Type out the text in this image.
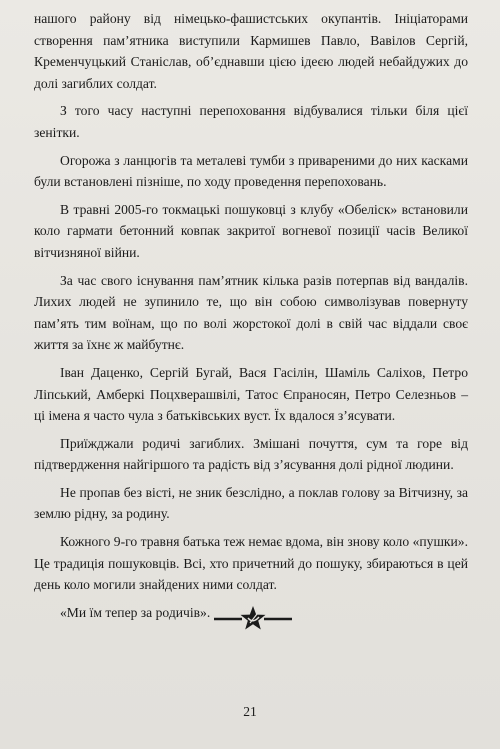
нашого району від німецько-фашистських окупантів. Ініціаторами створення пам’ятника виступили Кармишев Павло, Вавілов Сергій, Кременчуцький Станіслав, об’єднавши цією ідеєю людей небайдужих до долі загиблих солдат.

З того часу наступні перепоховання відбувалися тільки біля цієї зенітки.

Огорожа з ланцюгів та металеві тумби з привареними до них касками були встановлені пізніше, по ходу проведення перепоховань.

В травні 2005-го токмацькі пошуковці з клубу «Обеліск» встановили коло гармати бетонний ковпак закритої вогневої позиції часів Великої вітчизняної війни.

За час свого існування пам’ятник кілька разів потерпав від вандалів. Лихих людей не зупинило те, що він собою символізував повернуту пам’ять тим воїнам, що по волі жорстокої долі в свій час віддали своє життя за їхнє ж майбутнє.

Іван Даценко, Сергій Бугай, Вася Гасілін, Шаміль Саліхов, Петро Ліпський, Амберкі Поцхверашвілі, Татос Єпраносян, Петро Селезньов – ці імена я часто чула з батьківських вуст. Їх вдалося з’ясувати.

Приїжджали родичі загиблих. Змішані почуття, сум та горе від підтвердження найгіршого та радість від з’ясування долі рідної людини.

Не пропав без вісті, не зник безслідно, а поклав голову за Вітчизну, за землю рідну, за родину.

Кожного 9-го травня батька теж немає вдома, він знову коло «пушки». Це традиція пошуковців. Всі, хто причетний до пошуку, збираються в цей день коло могили знайдених ними солдат.

«Ми їм тепер за родичів».

21
